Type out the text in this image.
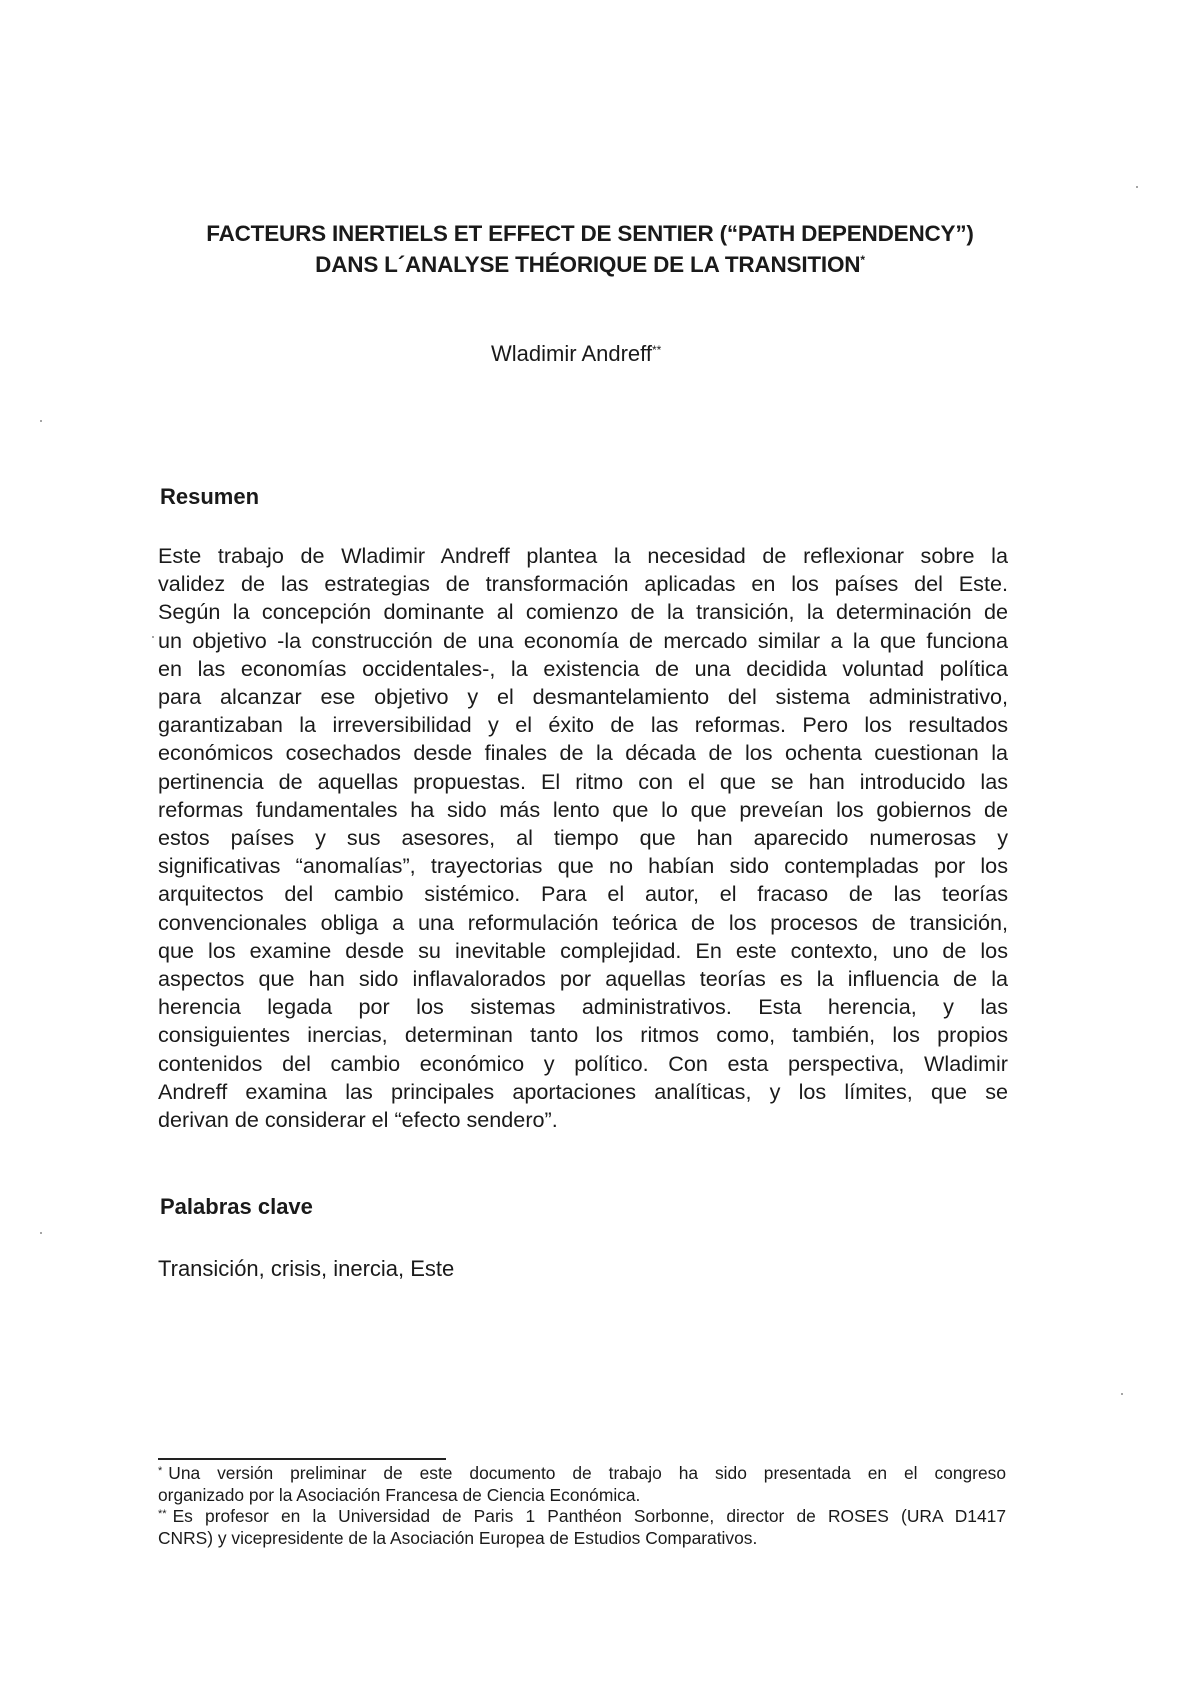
FACTEURS INERTIELS ET EFFECT DE SENTIER (“PATH DEPENDENCY”)
DANS L´ANALYSE THÉORIQUE DE LA TRANSITION*
Wladimir Andreff**
Resumen
Este trabajo de Wladimir Andreff plantea la necesidad de reflexionar sobre la
validez de las estrategias de transformación aplicadas en los países del Este.
Según la concepción dominante al comienzo de la transición, la determinación de
un objetivo -la construcción de una economía de mercado similar a la que funciona
en las economías occidentales-, la existencia de una decidida voluntad política
para alcanzar ese objetivo y el desmantelamiento del sistema administrativo,
garantizaban la irreversibilidad y el éxito de las reformas. Pero los resultados
económicos cosechados desde finales de la década de los ochenta cuestionan la
pertinencia de aquellas propuestas. El ritmo con el que se han introducido las
reformas fundamentales ha sido más lento que lo que preveían los gobiernos de
estos países y sus asesores, al tiempo que han aparecido numerosas y
significativas “anomalías”, trayectorias que no habían sido contempladas por los
arquitectos del cambio sistémico. Para el autor, el fracaso de las teorías
convencionales obliga a una reformulación teórica de los procesos de transición,
que los examine desde su inevitable complejidad. En este contexto, uno de los
aspectos que han sido inflavalorados por aquellas teorías es la influencia de la
herencia legada por los sistemas administrativos. Esta herencia, y las
consiguientes inercias, determinan tanto los ritmos como, también, los propios
contenidos del cambio económico y político. Con esta perspectiva, Wladimir
Andreff examina las principales aportaciones analíticas, y los límites, que se
derivan de considerar el “efecto sendero”.
Palabras clave
Transición, crisis, inercia, Este
* Una versión preliminar de este documento de trabajo ha sido presentada en el congreso
organizado por la Asociación Francesa de Ciencia Económica.
** Es profesor en la Universidad de Paris 1 Panthéon Sorbonne, director de ROSES (URA D1417
CNRS) y vicepresidente de la Asociación Europea de Estudios Comparativos.
